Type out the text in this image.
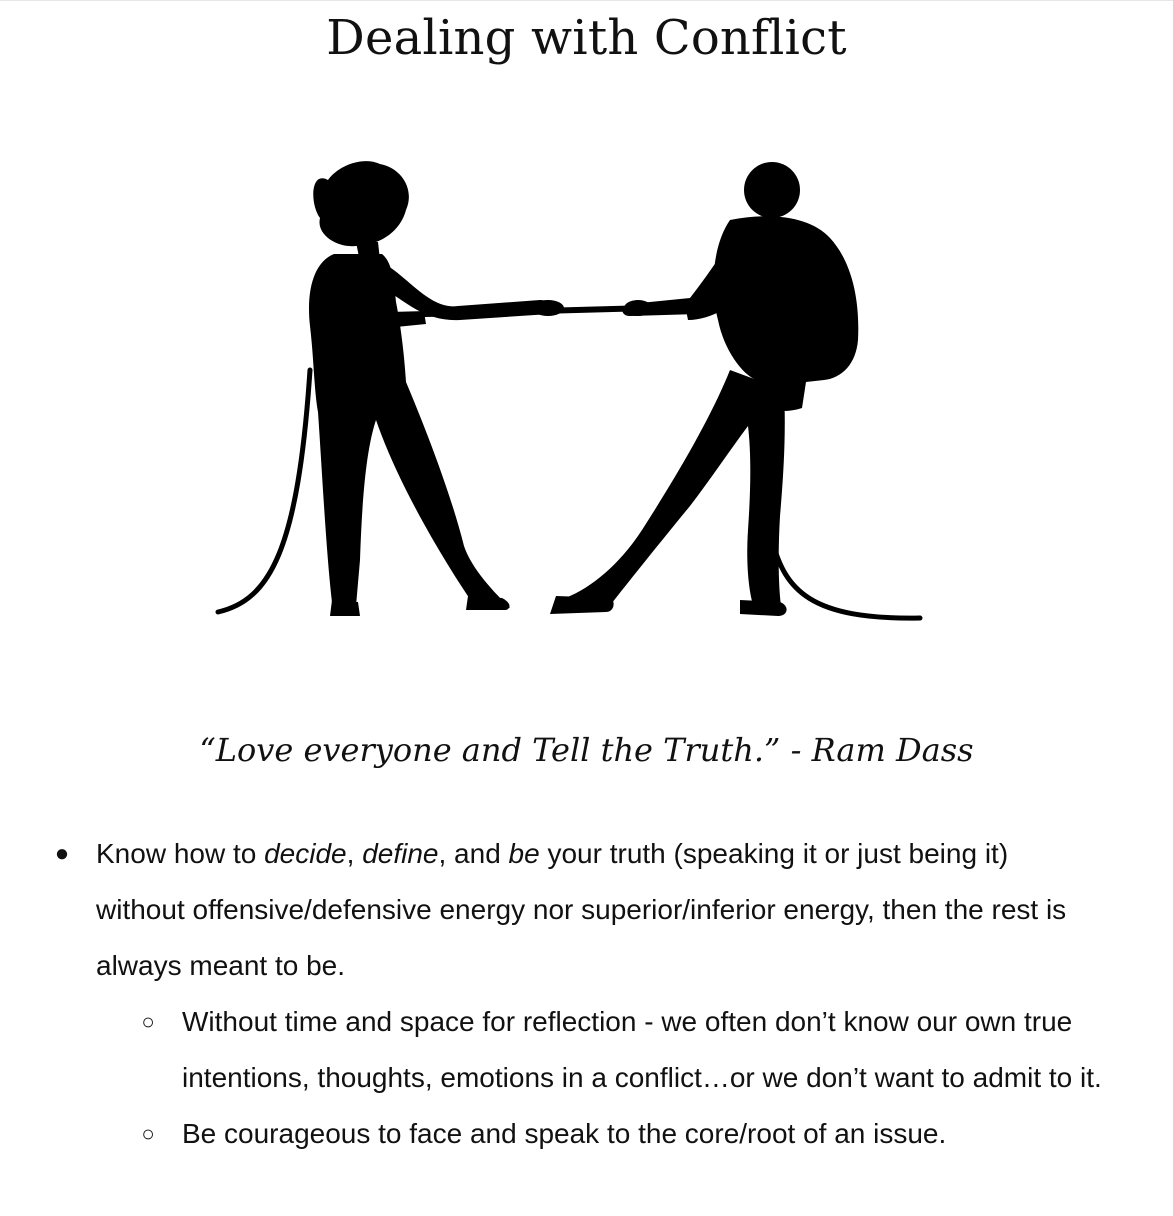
Dealing with Conflict

“Love everyone and Tell the Truth.” - Ram Dass

● Know how to decide, define, and be your truth (speaking it or just being it) without offensive/defensive energy nor superior/inferior energy, then the rest is always meant to be.
○ Without time and space for reflection - we often don’t know our own true intentions, thoughts, emotions in a conflict…or we don’t want to admit to it.
○ Be courageous to face and speak to the core/root of an issue.
